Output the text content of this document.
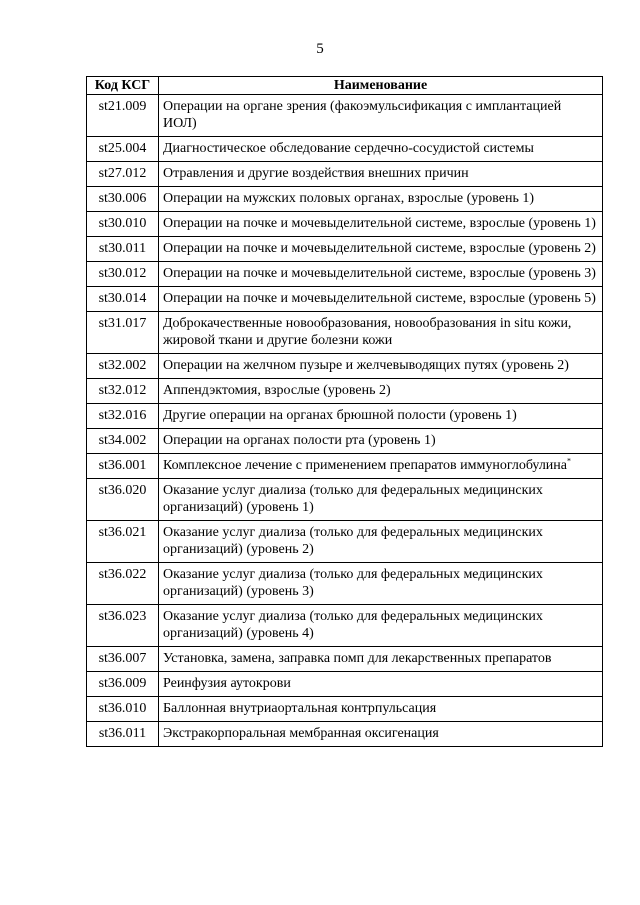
5
Код КСГ	Наименование
st21.009	Операции на органе зрения (факоэмульсификация с имплантацией ИОЛ)
st25.004	Диагностическое обследование сердечно-сосудистой системы
st27.012	Отравления и другие воздействия внешних причин
st30.006	Операции на мужских половых органах, взрослые (уровень 1)
st30.010	Операции на почке и мочевыделительной системе, взрослые (уровень 1)
st30.011	Операции на почке и мочевыделительной системе, взрослые (уровень 2)
st30.012	Операции на почке и мочевыделительной системе, взрослые (уровень 3)
st30.014	Операции на почке и мочевыделительной системе, взрослые (уровень 5)
st31.017	Доброкачественные новообразования, новообразования in situ кожи, жировой ткани и другие болезни кожи
st32.002	Операции на желчном пузыре и желчевыводящих путях (уровень 2)
st32.012	Аппендэктомия, взрослые (уровень 2)
st32.016	Другие операции на органах брюшной полости (уровень 1)
st34.002	Операции на органах полости рта (уровень 1)
st36.001	Комплексное лечение с применением препаратов иммуноглобулина*
st36.020	Оказание услуг диализа (только для федеральных медицинских организаций) (уровень 1)
st36.021	Оказание услуг диализа (только для федеральных медицинских организаций) (уровень 2)
st36.022	Оказание услуг диализа (только для федеральных медицинских организаций) (уровень 3)
st36.023	Оказание услуг диализа (только для федеральных медицинских организаций) (уровень 4)
st36.007	Установка, замена, заправка помп для лекарственных препаратов
st36.009	Реинфузия аутокрови
st36.010	Баллонная внутриаортальная контрпульсация
st36.011	Экстракорпоральная мембранная оксигенация
